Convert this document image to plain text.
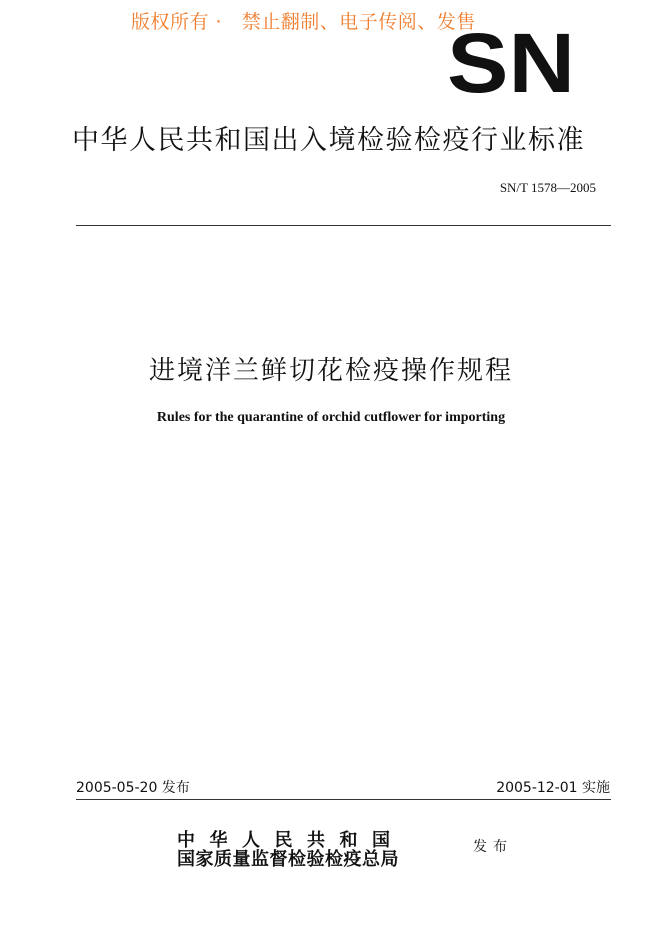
版权所有 ·   禁止翻制、电子传阅、发售
SN
中华人民共和国出入境检验检疫行业标准
SN/T 1578—2005
进境洋兰鲜切花检疫操作规程
Rules for the quarantine of orchid cutflower for importing
2005-05-20 发布	2005-12-01 实施
中华人民共和国
国家质量监督检验检疫总局
发布
